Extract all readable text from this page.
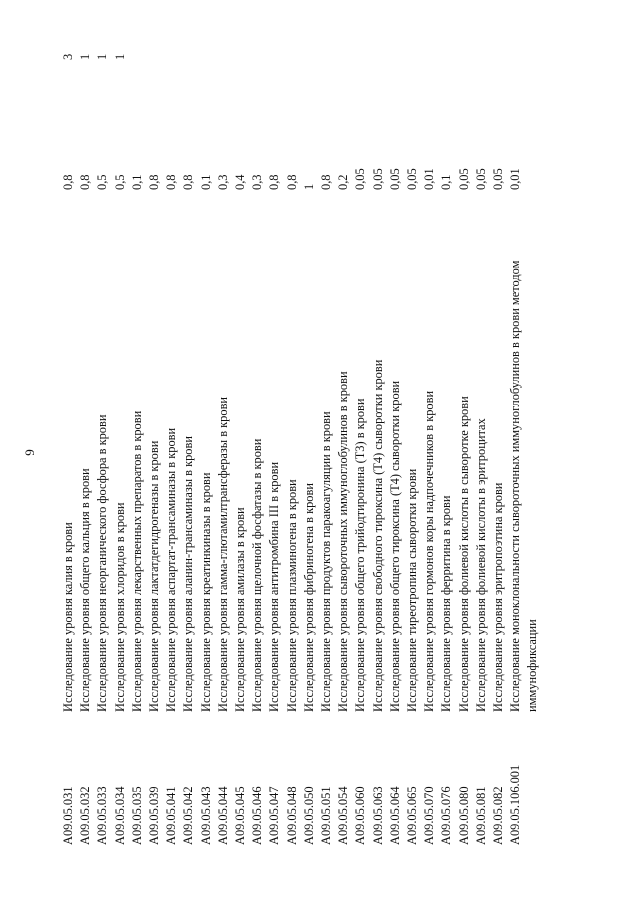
9
A09.05.031
Исследование уровня калия в крови
0,8
3
A09.05.032
Исследование уровня общего кальция в крови
0,8
1
A09.05.033
Исследование уровня неорганического фосфора в крови
0,5
1
A09.05.034
Исследование уровня хлоридов в крови
0,5
1
A09.05.035
Исследование уровня лекарственных препаратов в крови
0,1
A09.05.039
Исследование уровня лактатдегидрогеназы в крови
0,8
A09.05.041
Исследование уровня аспартат-трансаминазы в крови
0,8
A09.05.042
Исследование уровня аланин-трансаминазы в крови
0,8
A09.05.043
Исследование уровня креатинкиназы в крови
0,1
A09.05.044
Исследование уровня гамма-глютамилтрансферазы в крови
0,3
A09.05.045
Исследование уровня амилазы в крови
0,4
A09.05.046
Исследование уровня щелочной фосфатазы в крови
0,3
A09.05.047
Исследование уровня антитромбина III в крови
0,8
A09.05.048
Исследование уровня плазминогена в крови
0,8
A09.05.050
Исследование уровня фибриногена в крови
1
A09.05.051
Исследование уровня продуктов паракоагуляции в крови
0,8
A09.05.054
Исследование уровня сывороточных иммуноглобулинов в крови
0,2
A09.05.060
Исследование уровня общего трийодтиронина (Т3) в крови
0,05
A09.05.063
Исследование уровня свободного тироксина (Т4) сыворотки крови
0,05
A09.05.064
Исследование уровня общего тироксина (Т4) сыворотки крови
0,05
A09.05.065
Исследование тиреотропина сыворотки крови
0,05
A09.05.070
Исследование уровня гормонов коры надпочечников в крови
0,01
A09.05.076
Исследование уровня ферритина в крови
0,1
A09.05.080
Исследование уровня фолиевой кислоты в сыворотке крови
0,05
A09.05.081
Исследование уровня фолиевой кислоты в эритроцитах
0,05
A09.05.082
Исследование уровня эритропоэтина крови
0,05
A09.05.106.001
Исследование моноклональности сывороточных иммуноглобулинов в крови методом иммунофиксации
0,01
